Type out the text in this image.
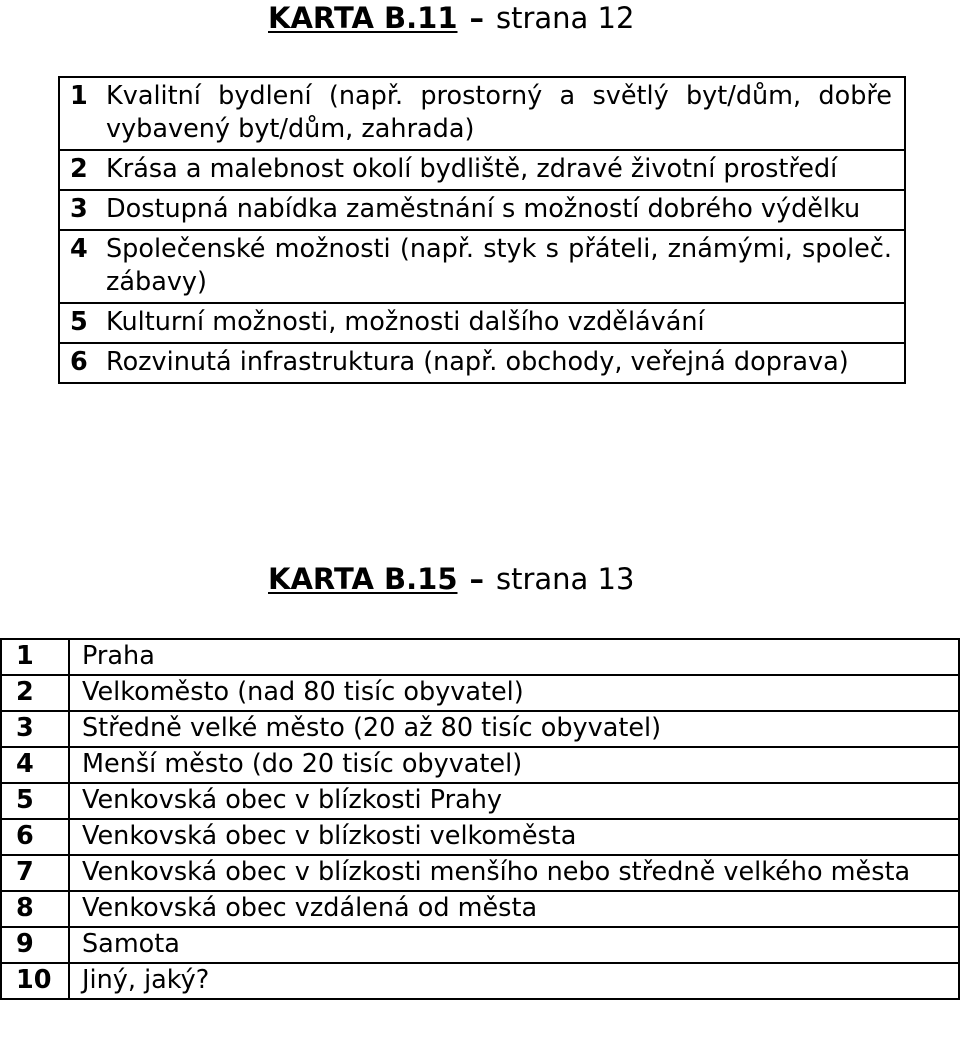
KARTA B.11 – strana 12
1 Kvalitní bydlení (např. prostorný a světlý byt/dům, dobře vybavený byt/dům, zahrada)

2 Krása a malebnost okolí bydliště, zdravé životní prostředí

3 Dostupná nabídka zaměstnání s možností dobrého výdělku

4 Společenské možnosti (např. styk s přáteli, známými, společ. zábavy)

5 Kulturní možnosti, možnosti dalšího vzdělávání

6 Rozvinutá infrastruktura (např. obchody, veřejná doprava)
KARTA B.15 – strana 13
1	Praha
2	Velkoměsto (nad 80 tisíc obyvatel)
3	Středně velké město (20 až 80 tisíc obyvatel)
4	Menší město (do 20 tisíc obyvatel)
5	Venkovská obec v blízkosti Prahy
6	Venkovská obec v blízkosti velkoměsta
7	Venkovská obec v blízkosti menšího nebo středně velkého města
8	Venkovská obec vzdálená od města
9	Samota
10	Jiný, jaký?
